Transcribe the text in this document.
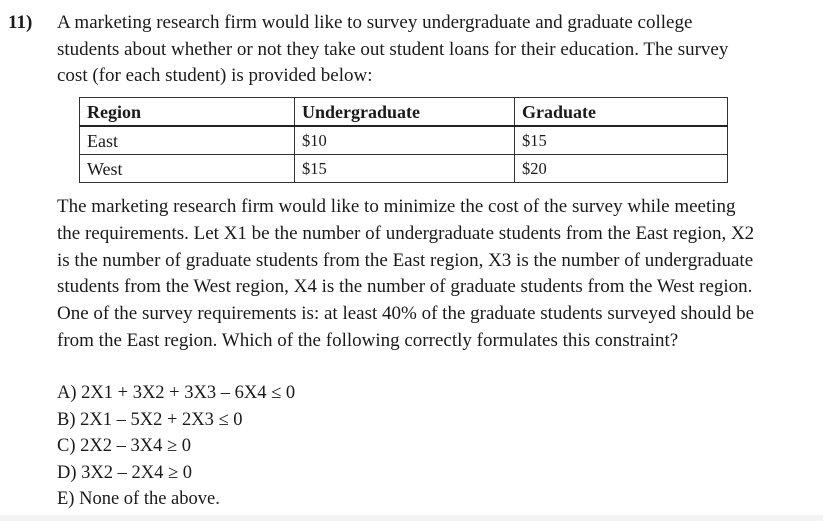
11) A marketing research firm would like to survey undergraduate and graduate college students about whether or not they take out student loans for their education. The survey cost (for each student) is provided below:
Region	Undergraduate	Graduate
East	$10	$15
West	$15	$20
The marketing research firm would like to minimize the cost of the survey while meeting the requirements. Let X1 be the number of undergraduate students from the East region, X2 is the number of graduate students from the East region, X3 is the number of undergraduate students from the West region, X4 is the number of graduate students from the West region. One of the survey requirements is: at least 40% of the graduate students surveyed should be from the East region. Which of the following correctly formulates this constraint?
A) 2X1 + 3X2 + 3X3 – 6X4 ≤ 0
B) 2X1 – 5X2 + 2X3 ≤ 0
C) 2X2 – 3X4 ≥ 0
D) 3X2 – 2X4 ≥ 0
E) None of the above.
